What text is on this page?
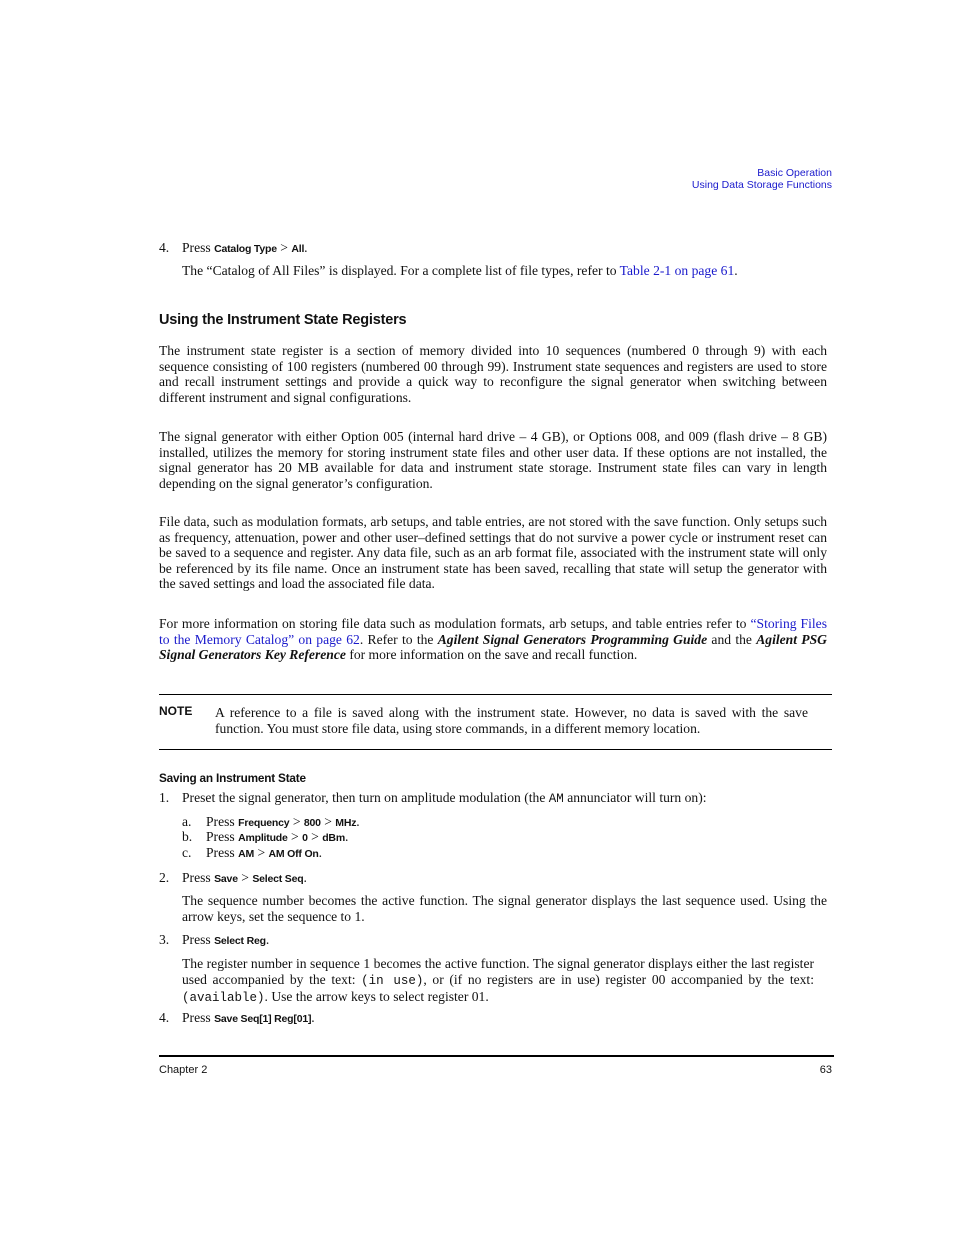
Basic Operation
Using Data Storage Functions
4. Press Catalog Type > All.
The “Catalog of All Files” is displayed. For a complete list of file types, refer to Table 2-1 on page 61.
Using the Instrument State Registers
The instrument state register is a section of memory divided into 10 sequences (numbered 0 through 9) with each sequence consisting of 100 registers (numbered 00 through 99). Instrument state sequences and registers are used to store and recall instrument settings and provide a quick way to reconfigure the signal generator when switching between different instrument and signal configurations.
The signal generator with either Option 005 (internal hard drive – 4 GB), or Options 008, and 009 (flash drive – 8 GB) installed, utilizes the memory for storing instrument state files and other user data. If these options are not installed, the signal generator has 20 MB available for data and instrument state storage. Instrument state files can vary in length depending on the signal generator’s configuration.
File data, such as modulation formats, arb setups, and table entries, are not stored with the save function. Only setups such as frequency, attenuation, power and other user–defined settings that do not survive a power cycle or instrument reset can be saved to a sequence and register. Any data file, such as an arb format file, associated with the instrument state will only be referenced by its file name. Once an instrument state has been saved, recalling that state will setup the generator with the saved settings and load the associated file data.
For more information on storing file data such as modulation formats, arb setups, and table entries refer to “Storing Files to the Memory Catalog” on page 62. Refer to the Agilent Signal Generators Programming Guide and the Agilent PSG Signal Generators Key Reference for more information on the save and recall function.
NOTE A reference to a file is saved along with the instrument state. However, no data is saved with the save function. You must store file data, using store commands, in a different memory location.
Saving an Instrument State
1. Preset the signal generator, then turn on amplitude modulation (the AM annunciator will turn on):
a. Press Frequency > 800 > MHz.
b. Press Amplitude > 0 > dBm.
c. Press AM > AM Off On.
2. Press Save > Select Seq.
The sequence number becomes the active function. The signal generator displays the last sequence used. Using the arrow keys, set the sequence to 1.
3. Press Select Reg.
The register number in sequence 1 becomes the active function. The signal generator displays either the last register used accompanied by the text: (in use), or (if no registers are in use) register 00 accompanied by the text: (available). Use the arrow keys to select register 01.
4. Press Save Seq[1] Reg[01].
Chapter 2	63
